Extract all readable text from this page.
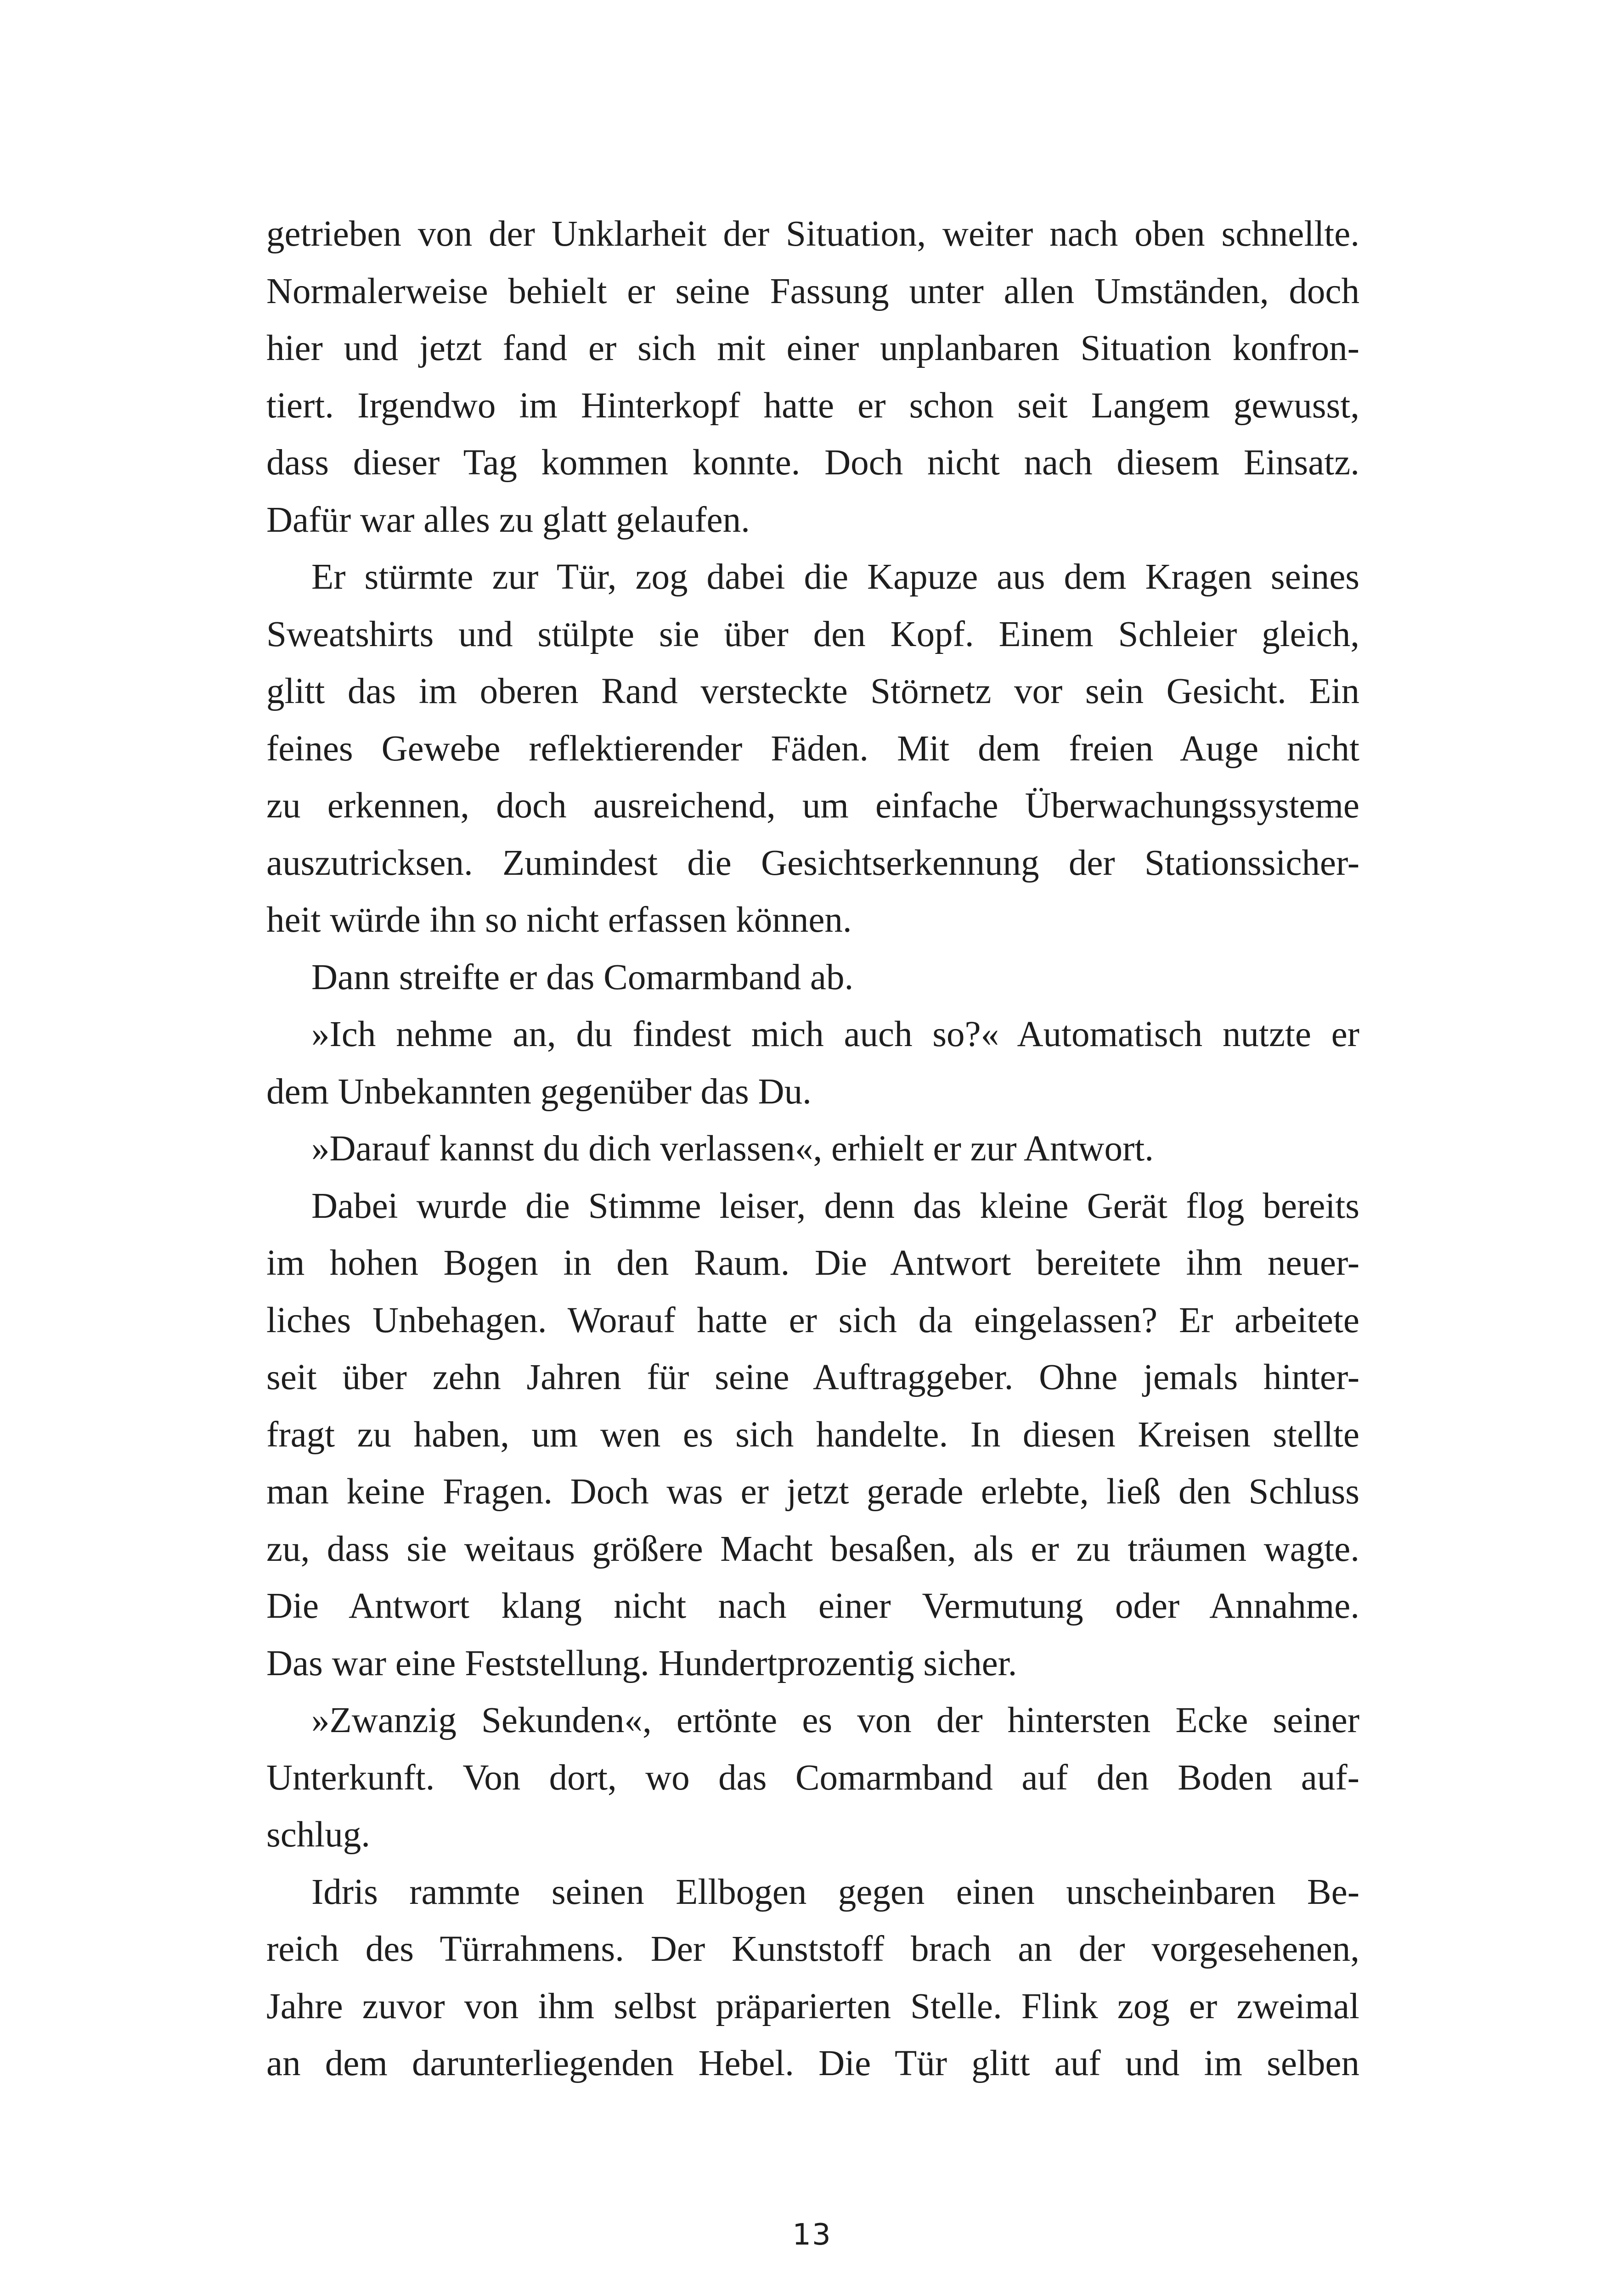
getrieben von der Unklarheit der Situation, weiter nach oben schnellte.
Normalerweise behielt er seine Fassung unter allen Umständen, doch
hier und jetzt fand er sich mit einer unplanbaren Situation konfron-
tiert. Irgendwo im Hinterkopf hatte er schon seit Langem gewusst,
dass dieser Tag kommen konnte. Doch nicht nach diesem Einsatz.
Dafür war alles zu glatt gelaufen.
Er stürmte zur Tür, zog dabei die Kapuze aus dem Kragen seines
Sweatshirts und stülpte sie über den Kopf. Einem Schleier gleich,
glitt das im oberen Rand versteckte Störnetz vor sein Gesicht. Ein
feines Gewebe reflektierender Fäden. Mit dem freien Auge nicht
zu erkennen, doch ausreichend, um einfache Überwachungssysteme
auszutricksen. Zumindest die Gesichtserkennung der Stationssicher-
heit würde ihn so nicht erfassen können.
Dann streifte er das Comarmband ab.
»Ich nehme an, du findest mich auch so?« Automatisch nutzte er
dem Unbekannten gegenüber das Du.
»Darauf kannst du dich verlassen«, erhielt er zur Antwort.
Dabei wurde die Stimme leiser, denn das kleine Gerät flog bereits
im hohen Bogen in den Raum. Die Antwort bereitete ihm neuer-
liches Unbehagen. Worauf hatte er sich da eingelassen? Er arbeitete
seit über zehn Jahren für seine Auftraggeber. Ohne jemals hinter-
fragt zu haben, um wen es sich handelte. In diesen Kreisen stellte
man keine Fragen. Doch was er jetzt gerade erlebte, ließ den Schluss
zu, dass sie weitaus größere Macht besaßen, als er zu träumen wagte.
Die Antwort klang nicht nach einer Vermutung oder Annahme.
Das war eine Feststellung. Hundertprozentig sicher.
»Zwanzig Sekunden«, ertönte es von der hintersten Ecke seiner
Unterkunft. Von dort, wo das Comarmband auf den Boden auf-
schlug.
Idris rammte seinen Ellbogen gegen einen unscheinbaren Be-
reich des Türrahmens. Der Kunststoff brach an der vorgesehenen,
Jahre zuvor von ihm selbst präparierten Stelle. Flink zog er zweimal
an dem darunterliegenden Hebel. Die Tür glitt auf und im selben
13
